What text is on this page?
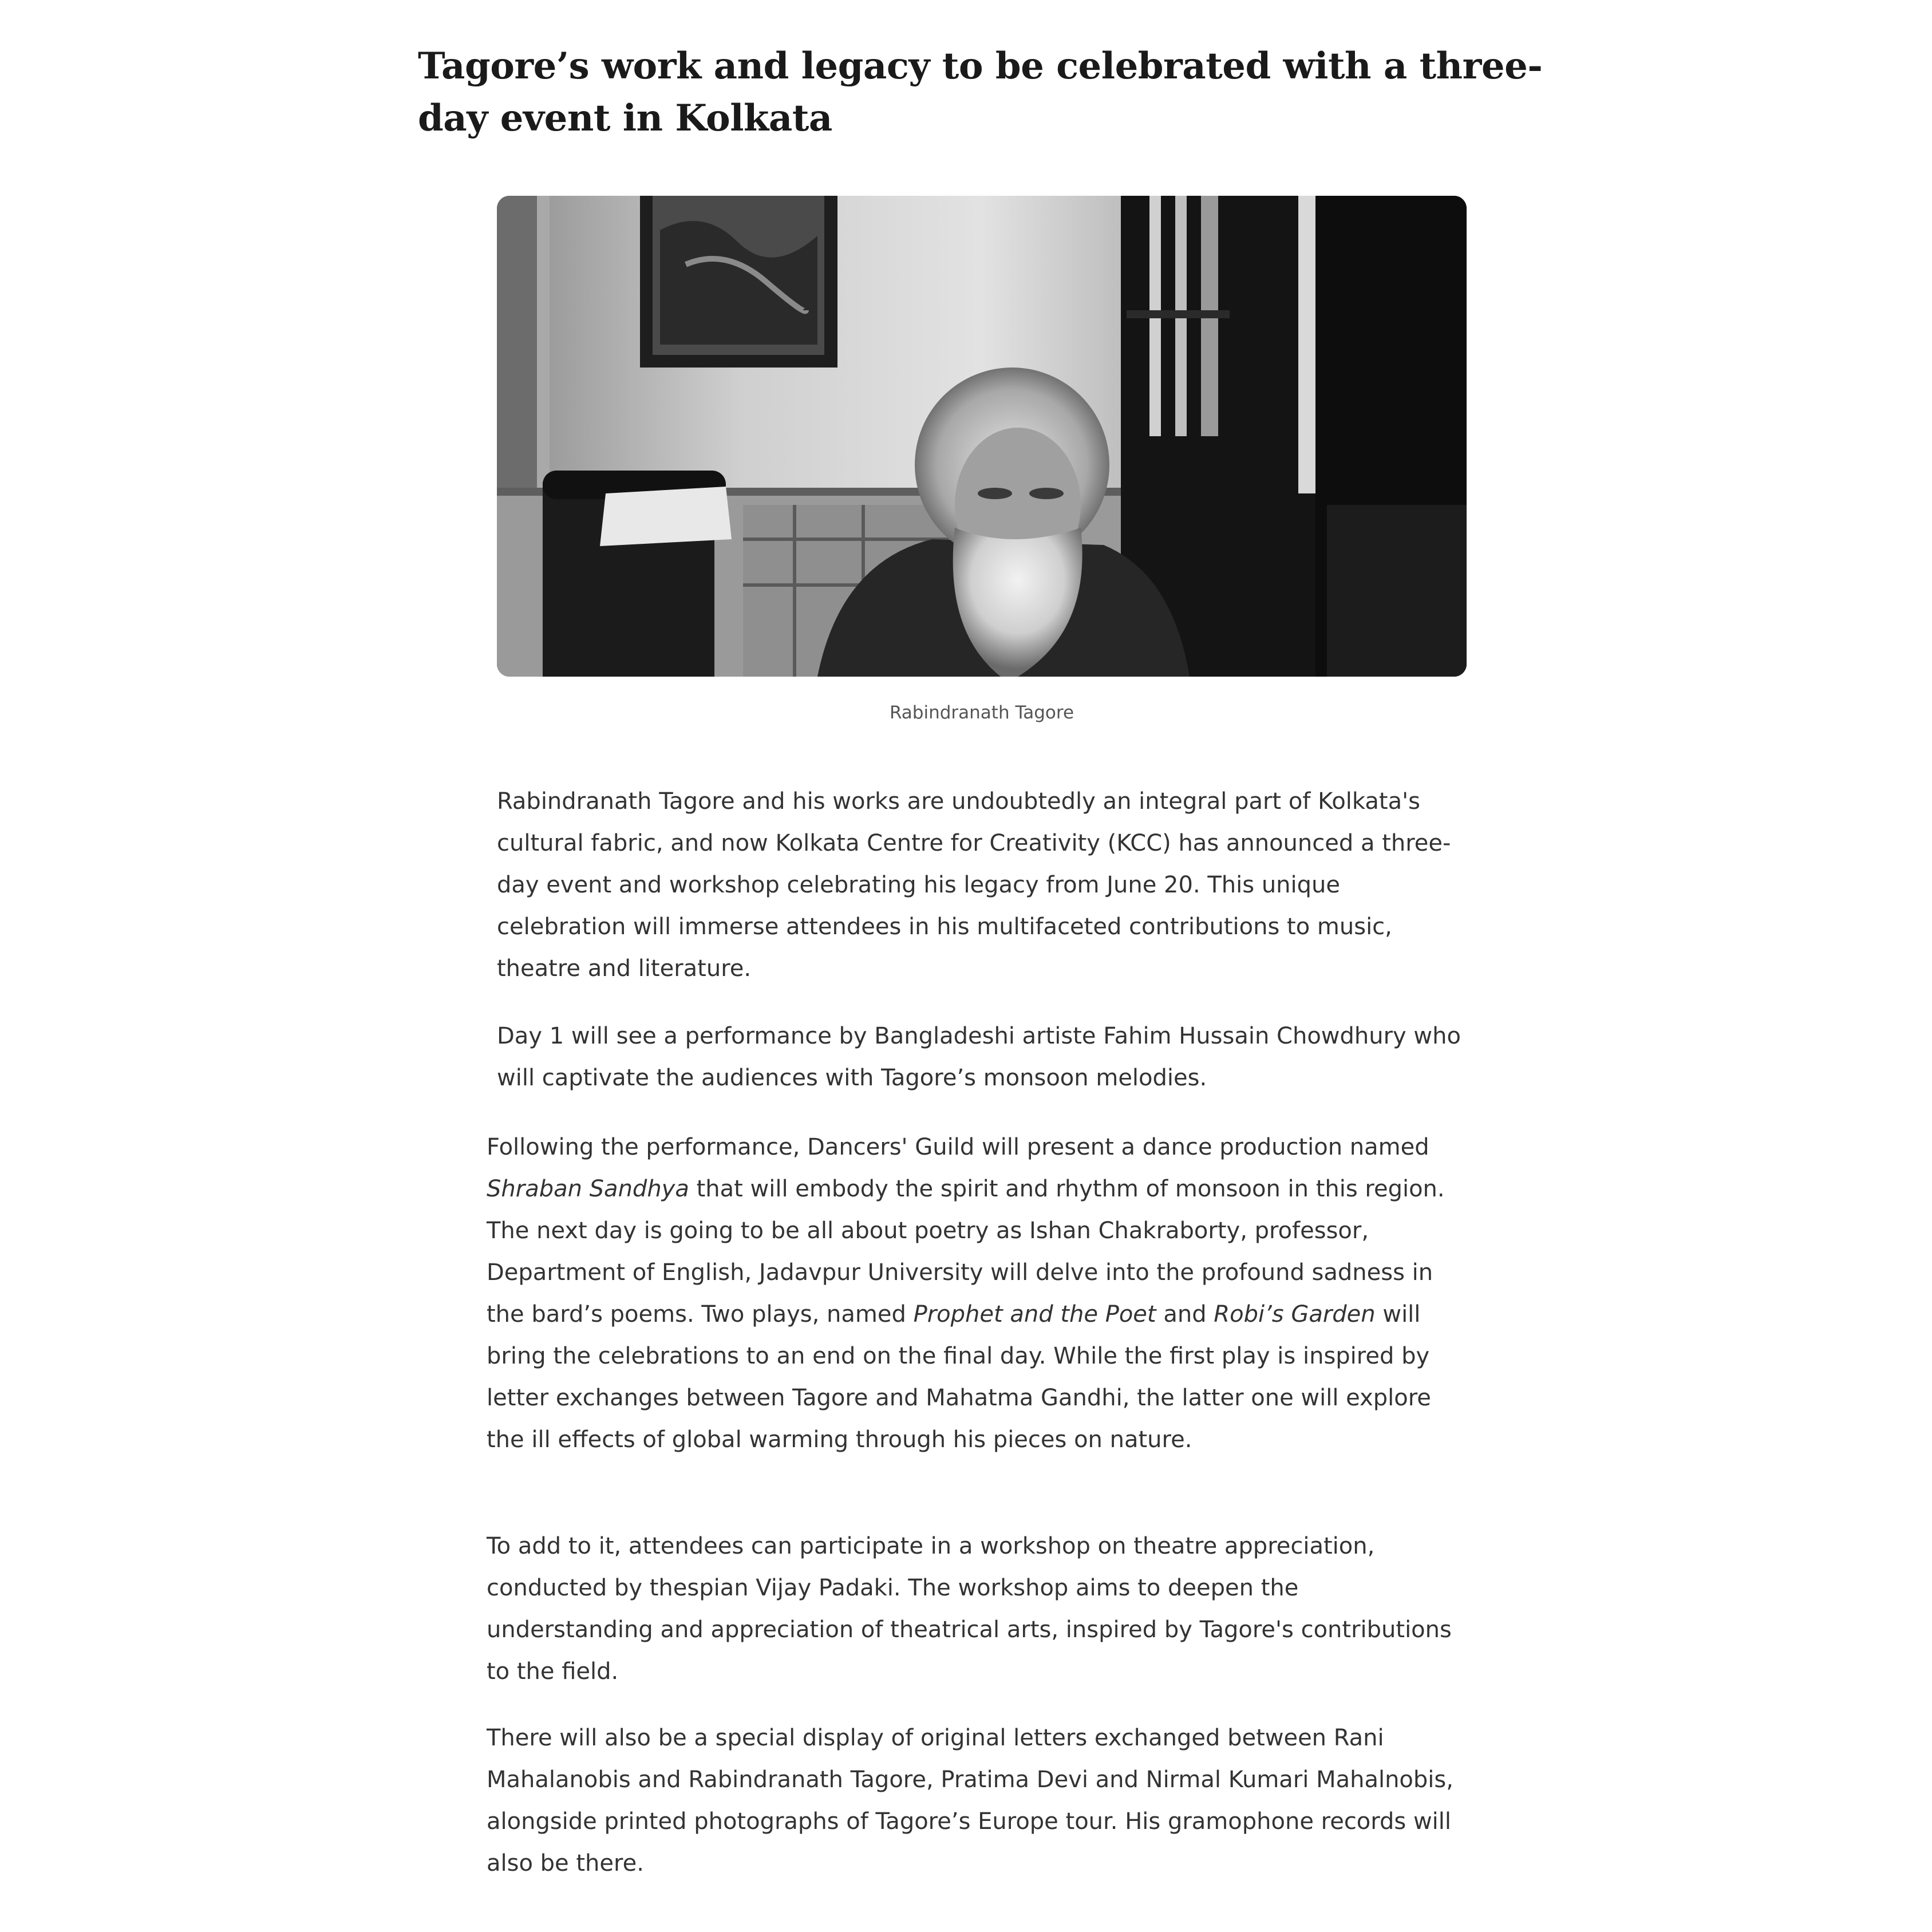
Tagore’s work and legacy to be celebrated with a three-day event in Kolkata
Rabindranath Tagore

Rabindranath Tagore and his works are undoubtedly an integral part of Kolkata's cultural fabric, and now Kolkata Centre for Creativity (KCC) has announced a three-day event and workshop celebrating his legacy from June 20. This unique celebration will immerse attendees in his multifaceted contributions to music, theatre and literature.

Day 1 will see a performance by Bangladeshi artiste Fahim Hussain Chowdhury who will captivate the audiences with Tagore’s monsoon melodies.

Following the performance, Dancers' Guild will present a dance production named Shraban Sandhya that will embody the spirit and rhythm of monsoon in this region. The next day is going to be all about poetry as Ishan Chakraborty, professor, Department of English, Jadavpur University will delve into the profound sadness in the bard’s poems. Two plays, named Prophet and the Poet and Robi’s Garden will bring the celebrations to an end on the final day. While the first play is inspired by letter exchanges between Tagore and Mahatma Gandhi, the latter one will explore the ill effects of global warming through his pieces on nature.

To add to it, attendees can participate in a workshop on theatre appreciation, conducted by thespian Vijay Padaki. The workshop aims to deepen the understanding and appreciation of theatrical arts, inspired by Tagore's contributions to the field.

There will also be a special display of original letters exchanged between Rani Mahalanobis and Rabindranath Tagore, Pratima Devi and Nirmal Kumari Mahalnobis, alongside printed photographs of Tagore’s Europe tour. His gramophone records will also be there.
